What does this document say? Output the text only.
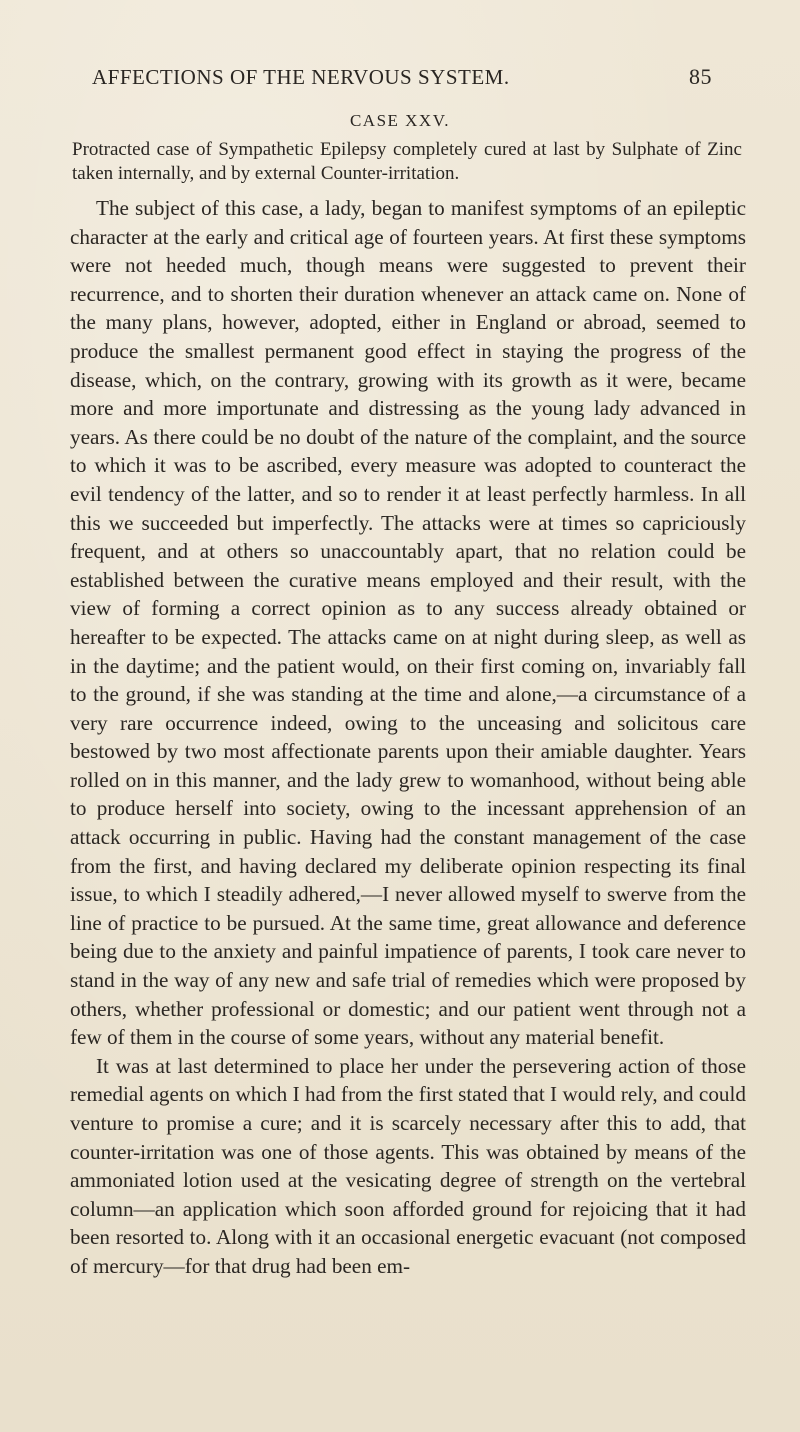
AFFECTIONS OF THE NERVOUS SYSTEM.	85
CASE XXV.
Protracted case of Sympathetic Epilepsy completely cured at last by Sulphate of Zinc taken internally, and by external Counter-irritation.

The subject of this case, a lady, began to manifest symptoms of an epileptic character at the early and critical age of fourteen years. At first these symptoms were not heeded much, though means were suggested to prevent their recurrence, and to shorten their duration whenever an attack came on. None of the many plans, however, adopted, either in England or abroad, seemed to produce the smallest permanent good effect in staying the progress of the disease, which, on the contrary, growing with its growth as it were, became more and more importunate and distressing as the young lady advanced in years. As there could be no doubt of the nature of the complaint, and the source to which it was to be ascribed, every measure was adopted to counteract the evil tendency of the latter, and so to render it at least perfectly harmless. In all this we succeeded but imperfectly. The attacks were at times so capriciously frequent, and at others so unaccountably apart, that no relation could be established between the curative means employed and their result, with the view of forming a correct opinion as to any success already obtained or hereafter to be expected. The attacks came on at night during sleep, as well as in the daytime; and the patient would, on their first coming on, invariably fall to the ground, if she was standing at the time and alone,—a circumstance of a very rare occurrence indeed, owing to the unceasing and solicitous care bestowed by two most affectionate parents upon their amiable daughter. Years rolled on in this manner, and the lady grew to womanhood, without being able to produce herself into society, owing to the incessant apprehension of an attack occurring in public. Having had the constant management of the case from the first, and having declared my deliberate opinion respecting its final issue, to which I steadily adhered,—I never allowed myself to swerve from the line of practice to be pursued. At the same time, great allowance and deference being due to the anxiety and painful impatience of parents, I took care never to stand in the way of any new and safe trial of remedies which were proposed by others, whether professional or domestic; and our patient went through not a few of them in the course of some years, without any material benefit.

It was at last determined to place her under the persevering action of those remedial agents on which I had from the first stated that I would rely, and could venture to promise a cure; and it is scarcely necessary after this to add, that counter-irritation was one of those agents. This was obtained by means of the ammoniated lotion used at the vesicating degree of strength on the vertebral column—an application which soon afforded ground for rejoicing that it had been resorted to. Along with it an occasional energetic evacuant (not composed of mercury—for that drug had been em-
